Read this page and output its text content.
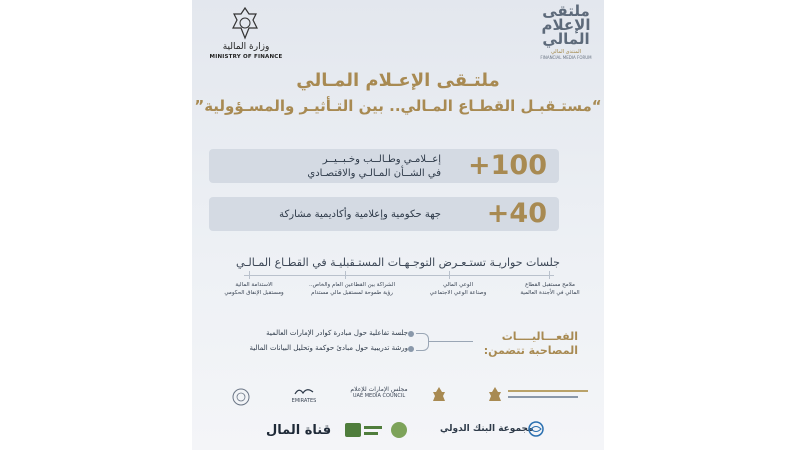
وزارة المالية
MINISTRY OF FINANCE
ملتقى
الإعلام
المالي
المنتدى المالي
FINANCIAL MEDIA FORUM
ملتـقى الإعـلام المـالي
“مستـقبـل القطـاع المـالي.. بين التـأثيـر والمسـؤولية”
+100
إعــلامـي وطـالــب وخـبــيــر
في الشــأن المـالـي والاقتصـادي
+40
جهة حكومية وإعلامية وأكاديمية مشاركة
جلسات حواريـة تستـعـرض التوجـهـات المستـقبليـة في القطـاع المـالـي
ملامح مستقبل القطاع
المالي في الأجندة العالمية
الوعي المالي
وصناعة الوعي الاجتماعي
الشراكة بين القطاعين العام والخاص..
رؤية طموحة لمستقبل مالي مستدام
الاستدامة المالية
ومستقبل الإنفاق الحكومي
الفعـــاليــــات
المصاحبة تتضمن:
جلسة تفاعلية حول مبادرة كوادر الإمارات العالمية
ورشة تدريبية حول مبادئ حوكمة وتحليل البيانات المالية
EMIRATES
مجلس الإمارات للإعلام
UAE MEDIA COUNCIL
قناة المال	مجموعة البنك الدولي
